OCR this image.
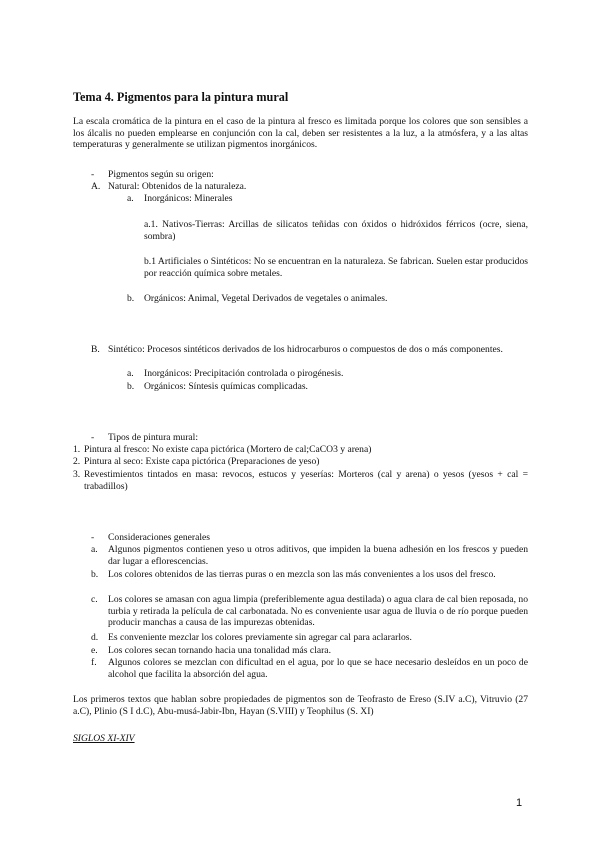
Tema 4. Pigmentos para la pintura mural
La escala cromática de la pintura en el caso de la pintura al fresco es limitada porque los colores que son sensibles a los álcalis no pueden emplearse en conjunción con la cal, deben ser resistentes a la luz, a la atmósfera, y a las altas temperaturas y generalmente se utilizan pigmentos inorgánicos.
-	Pigmentos según su origen:
A. Natural: Obtenidos de la naturaleza.
a.	Inorgánicos: Minerales
a.1. Nativos-Tierras: Arcillas de silicatos teñidas con óxidos o hidróxidos férricos (ocre, siena, sombra)
b.1 Artificiales o Sintéticos: No se encuentran en la naturaleza. Se fabrican. Suelen estar producidos por reacción química sobre metales.
b.	Orgánicos: Animal, Vegetal Derivados de vegetales o animales.
B. Sintético: Procesos sintéticos derivados de los hidrocarburos o compuestos de dos o más componentes.
a.	Inorgánicos: Precipitación controlada o pirogénesis.
b.	Orgánicos: Síntesis químicas complicadas.
-	Tipos de pintura mural:
1. Pintura al fresco: No existe capa pictórica (Mortero de cal;CaCO3 y arena)
2. Pintura al seco: Existe capa pictórica (Preparaciones de yeso)
3. Revestimientos tintados en masa: revocos, estucos y yeserías: Morteros (cal y arena) o yesos (yesos + cal = trabadillos)
-	Consideraciones generales
a.	Algunos pigmentos contienen yeso u otros aditivos, que impiden la buena adhesión en los frescos y pueden dar lugar a eflorescencias.
b.	Los colores obtenidos de las tierras puras o en mezcla son las más convenientes a los usos del fresco.
c.	Los colores se amasan con agua limpia (preferiblemente agua destilada) o agua clara de cal bien reposada, no turbia y retirada la película de cal carbonatada. No es conveniente usar agua de lluvia o de río porque pueden producir manchas a causa de las impurezas obtenidas.
d.	Es conveniente mezclar los colores previamente sin agregar cal para aclararlos.
e.	Los colores secan tornando hacia una tonalidad más clara.
f.	Algunos colores se mezclan con dificultad en el agua, por lo que se hace necesario desleídos en un poco de alcohol que facilita la absorción del agua.
Los primeros textos que hablan sobre propiedades de pigmentos son de Teofrasto de Ereso (S.IV a.C), Vitruvio (27 a.C), Plinio (S I d.C), Abu-musá-Jabir-Ibn, Hayan (S.VIII) y Teophilus (S. XI)
SIGLOS XI-XIV
1
